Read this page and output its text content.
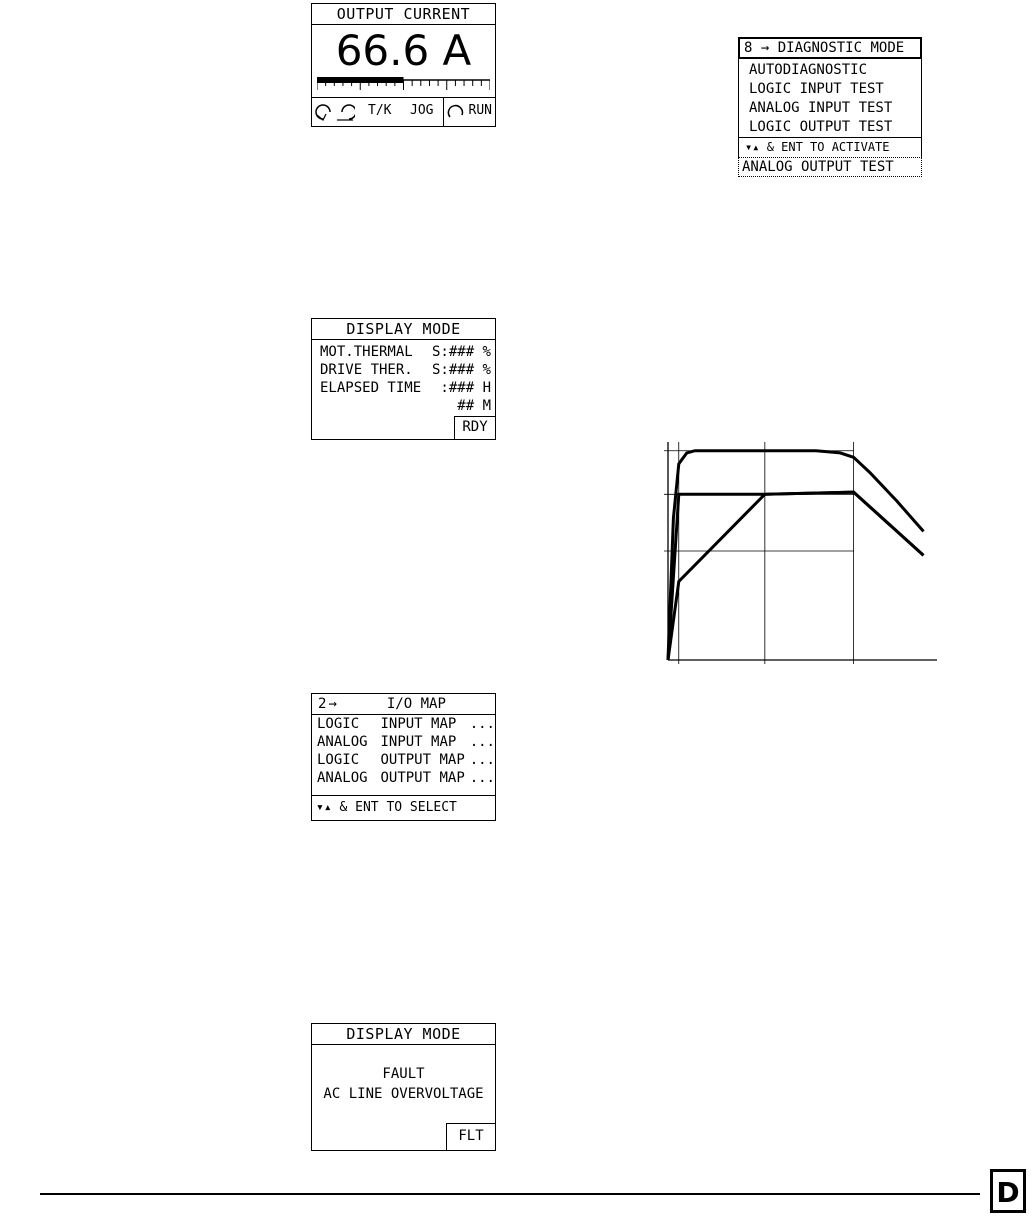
OUTPUT CURRENT
66.6 A
T/K JOG	RUN
8 → DIAGNOSTIC MODE
AUTODIAGNOSTIC
LOGIC INPUT TEST
ANALOG INPUT TEST
LOGIC OUTPUT TEST
▾▴ & ENT TO ACTIVATE
ANALOG OUTPUT TEST
DISPLAY MODE
MOT.THERMAL S:### %
DRIVE THER. S:### %
ELAPSED TIME :### H
## M
RDY
2 →	I/O MAP
LOGIC	INPUT MAP ...
ANALOG INPUT MAP ...
LOGIC	OUTPUT MAP ...
ANALOG OUTPUT MAP ...
▾▴ & ENT TO SELECT
DISPLAY MODE
FAULT
AC LINE OVERVOLTAGE
FLT
D
